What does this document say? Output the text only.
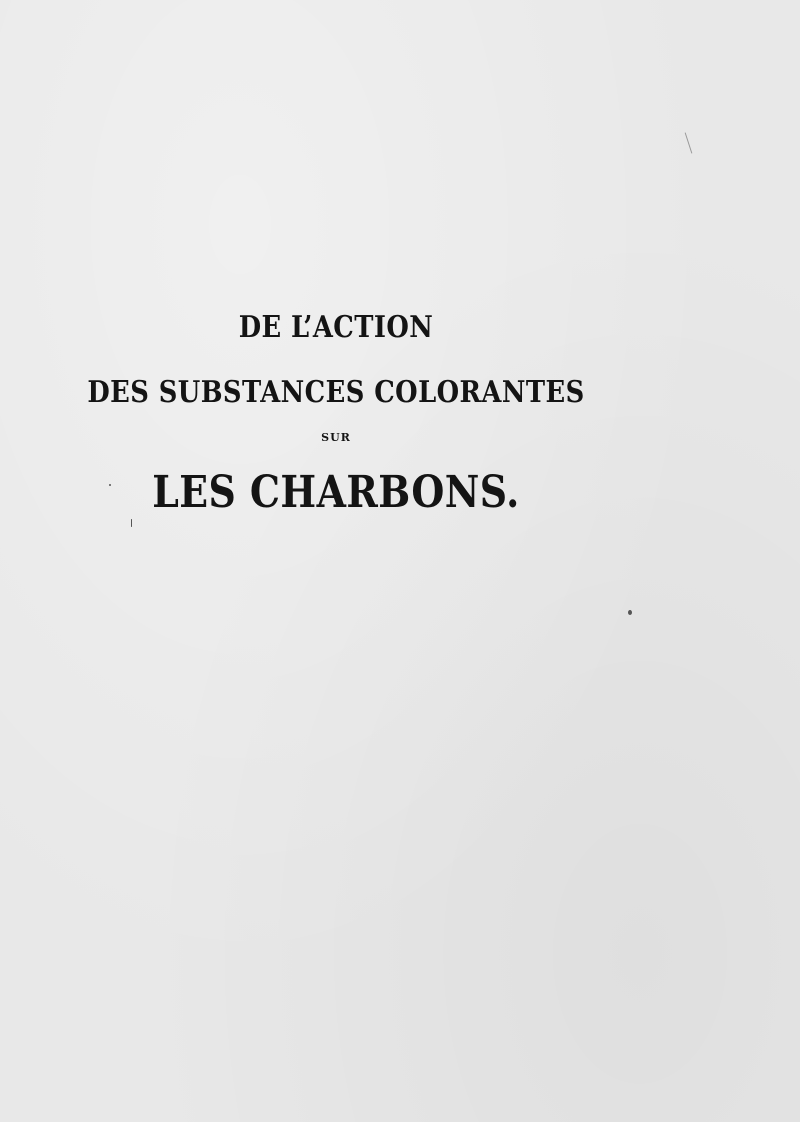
DE L’ACTION
DES SUBSTANCES COLORANTES
SUR
LES CHARBONS.
